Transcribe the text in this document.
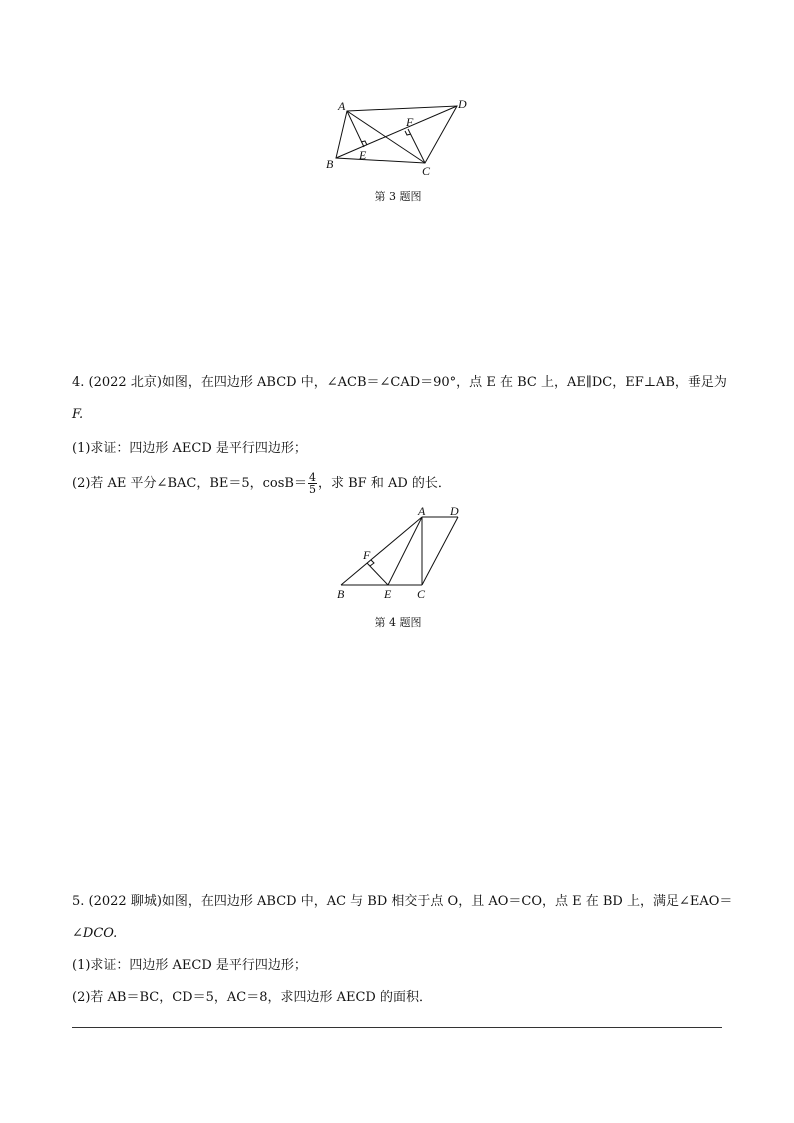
A
B	C
D
E
F
第 3 题图
4. (2022 北京)如图，在四边形 ABCD 中，∠ACB＝∠CAD＝90°，点 E 在 BC 上，AE∥DC，EF⊥AB，垂足为
F.
(1)求证：四边形 AECD 是平行四边形；
(2)若 AE 平分∠BAC，BE＝5，$\cos B= \frac{4}{5}$ ，求 BF 和 AD 的长．
A
B	C
D
E
F
第 4 题图
5. (2022 聊城)如图，在四边形 ABCD 中，AC 与 BD 相交于点 O，且 AO＝CO，点 E 在 BD 上，满足∠EAO＝
∠DCO.
(1)求证：四边形 AECD 是平行四边形；
(2)若 AB＝BC，CD＝5，AC＝8，求四边形 AECD 的面积．
